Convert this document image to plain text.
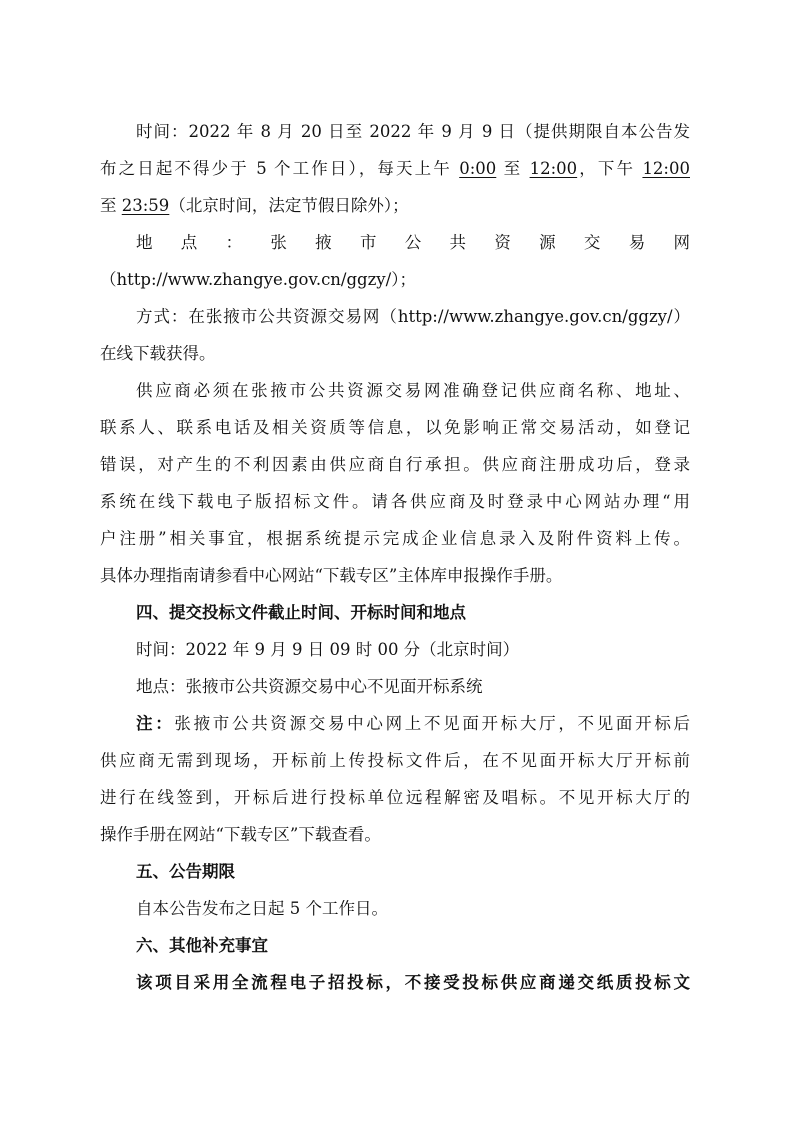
时间：2022 年 8 月 20 日至 2022 年 9 月 9 日（提供期限自本公告发
布之日起不得少于 5 个工作日），每天上午 0:00 至 12:00，下午 12:00
至 23:59（北京时间，法定节假日除外）；
地 点 ： 张 掖 市 公 共 资 源 交 易 网
（http://www.zhangye.gov.cn/ggzy/）；
方式：在张掖市公共资源交易网（http://www.zhangye.gov.cn/ggzy/）
在线下载获得。
供应商必须在张掖市公共资源交易网准确登记供应商名称、地址、
联系人、联系电话及相关资质等信息，以免影响正常交易活动，如登记
错误，对产生的不利因素由供应商自行承担。供应商注册成功后，登录
系统在线下载电子版招标文件。请各供应商及时登录中心网站办理“用
户注册”相关事宜，根据系统提示完成企业信息录入及附件资料上传。
具体办理指南请参看中心网站“下载专区”主体库申报操作手册。
四、提交投标文件截止时间、开标时间和地点
时间：2022 年 9 月 9 日 09 时 00 分（北京时间）
地点：张掖市公共资源交易中心不见面开标系统
注：张掖市公共资源交易中心网上不见面开标大厅，不见面开标后
供应商无需到现场，开标前上传投标文件后，在不见面开标大厅开标前
进行在线签到，开标后进行投标单位远程解密及唱标。不见开标大厅的
操作手册在网站“下载专区”下载查看。
五、公告期限
自本公告发布之日起 5 个工作日。
六、其他补充事宜
该项目采用全流程电子招投标，不接受投标供应商递交纸质投标文
